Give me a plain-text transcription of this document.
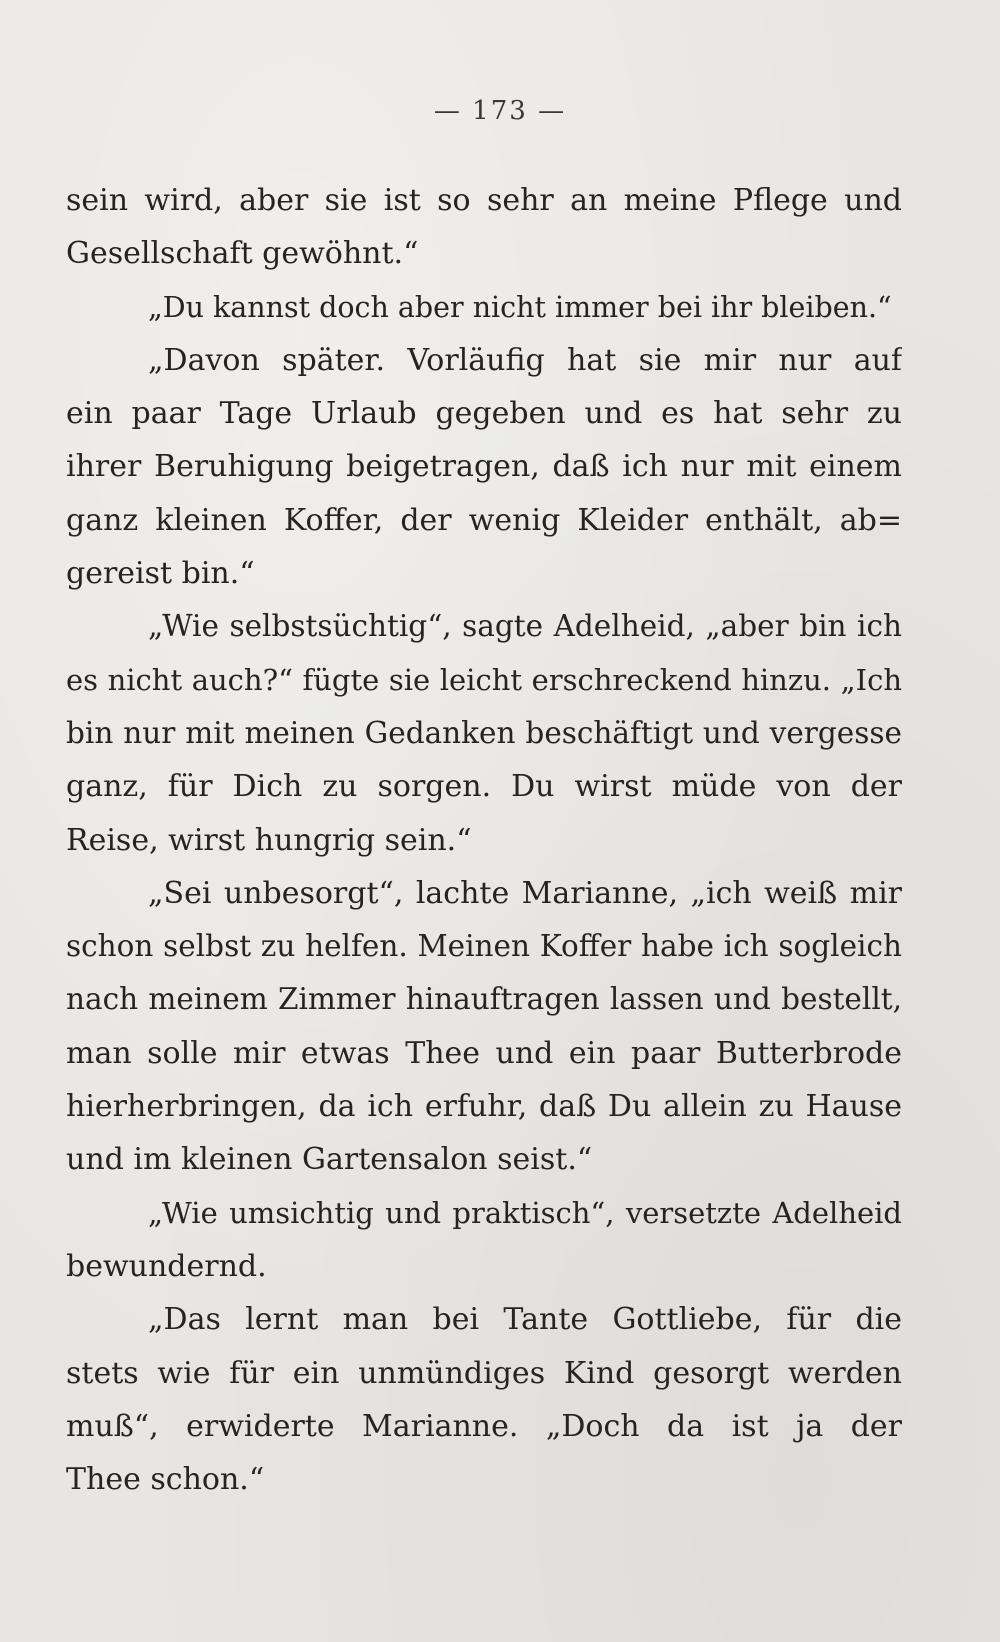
— 173 —
sein wird, aber sie ist so sehr an meine Pflege und
Gesellschaft gewöhnt.“
„Du kannst doch aber nicht immer bei ihr bleiben.“
„Davon später. Vorläufig hat sie mir nur auf
ein paar Tage Urlaub gegeben und es hat sehr zu
ihrer Beruhigung beigetragen, daß ich nur mit einem
ganz kleinen Koffer, der wenig Kleider enthält, ab=
gereist bin.“
„Wie selbstsüchtig“, sagte Adelheid, „aber bin ich
es nicht auch?“ fügte sie leicht erschreckend hinzu. „Ich
bin nur mit meinen Gedanken beschäftigt und vergesse
ganz, für Dich zu sorgen. Du wirst müde von der
Reise, wirst hungrig sein.“
„Sei unbesorgt“, lachte Marianne, „ich weiß mir
schon selbst zu helfen. Meinen Koffer habe ich sogleich
nach meinem Zimmer hinauftragen lassen und bestellt,
man solle mir etwas Thee und ein paar Butterbrode
hierherbringen, da ich erfuhr, daß Du allein zu Hause
und im kleinen Gartensalon seist.“
„Wie umsichtig und praktisch“, versetzte Adelheid
bewundernd.
„Das lernt man bei Tante Gottliebe, für die
stets wie für ein unmündiges Kind gesorgt werden
muß“, erwiderte Marianne. „Doch da ist ja der
Thee schon.“
